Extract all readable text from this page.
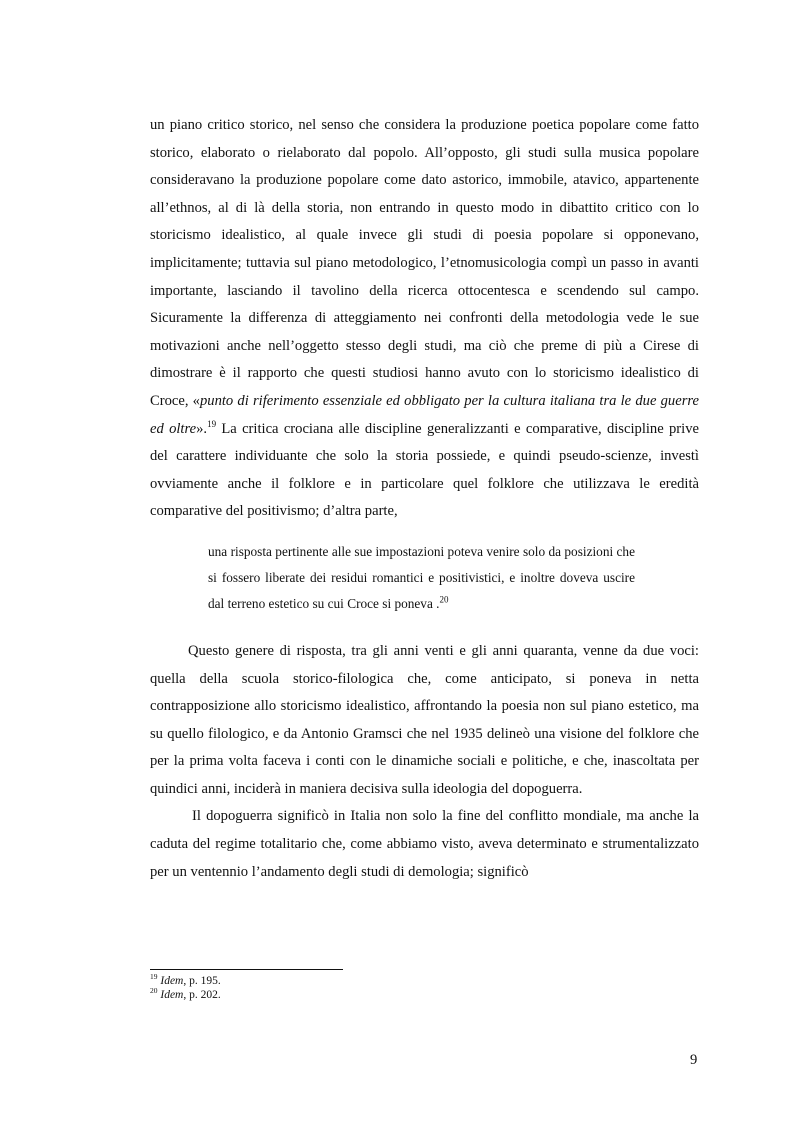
un piano critico storico, nel senso che considera la produzione poetica popolare come fatto storico, elaborato o rielaborato dal popolo. All’opposto, gli studi sulla musica popolare consideravano la produzione popolare come dato astorico, immobile, atavico, appartenente all’ethnos, al di là della storia, non entrando in questo modo in dibattito critico con lo storicismo idealistico, al quale invece gli studi di poesia popolare si opponevano, implicitamente; tuttavia sul piano metodologico, l’etnomusicologia compì un passo in avanti importante, lasciando il tavolino della ricerca ottocentesca e scendendo sul campo. Sicuramente la differenza di atteggiamento nei confronti della metodologia vede le sue motivazioni anche nell’oggetto stesso degli studi, ma ciò che preme di più a Cirese di dimostrare è il rapporto che questi studiosi hanno avuto con lo storicismo idealistico di Croce, «punto di riferimento essenziale ed obbligato per la cultura italiana tra le due guerre ed oltre».$^{19}$ La critica crociana alle discipline generalizzanti e comparative, discipline prive del carattere individuante che solo la storia possiede, e quindi pseudo-scienze, investì ovviamente anche il folklore e in particolare quel folklore che utilizzava le eredità comparative del positivismo; d’altra parte,

una risposta pertinente alle sue impostazioni poteva venire solo da posizioni che si fossero liberate dei residui romantici e positivistici, e inoltre doveva uscire dal terreno estetico su cui Croce si poneva .$^{20}$

Questo genere di risposta, tra gli anni venti e gli anni quaranta, venne da due voci: quella della scuola storico-filologica che, come anticipato, si poneva in netta contrapposizione allo storicismo idealistico, affrontando la poesia non sul piano estetico, ma su quello filologico, e da Antonio Gramsci che nel 1935 delineò una visione del folklore che per la prima volta faceva i conti con le dinamiche sociali e politiche, e che, inascoltata per quindici anni, inciderà in maniera decisiva sulla ideologia del dopoguerra.

Il dopoguerra significò in Italia non solo la fine del conflitto mondiale, ma anche la caduta del regime totalitario che, come abbiamo visto, aveva determinato e strumentalizzato per un ventennio l’andamento degli studi di demologia; significò

$^{19}$ Idem, p. 195.
$^{20}$ Idem, p. 202.
9
